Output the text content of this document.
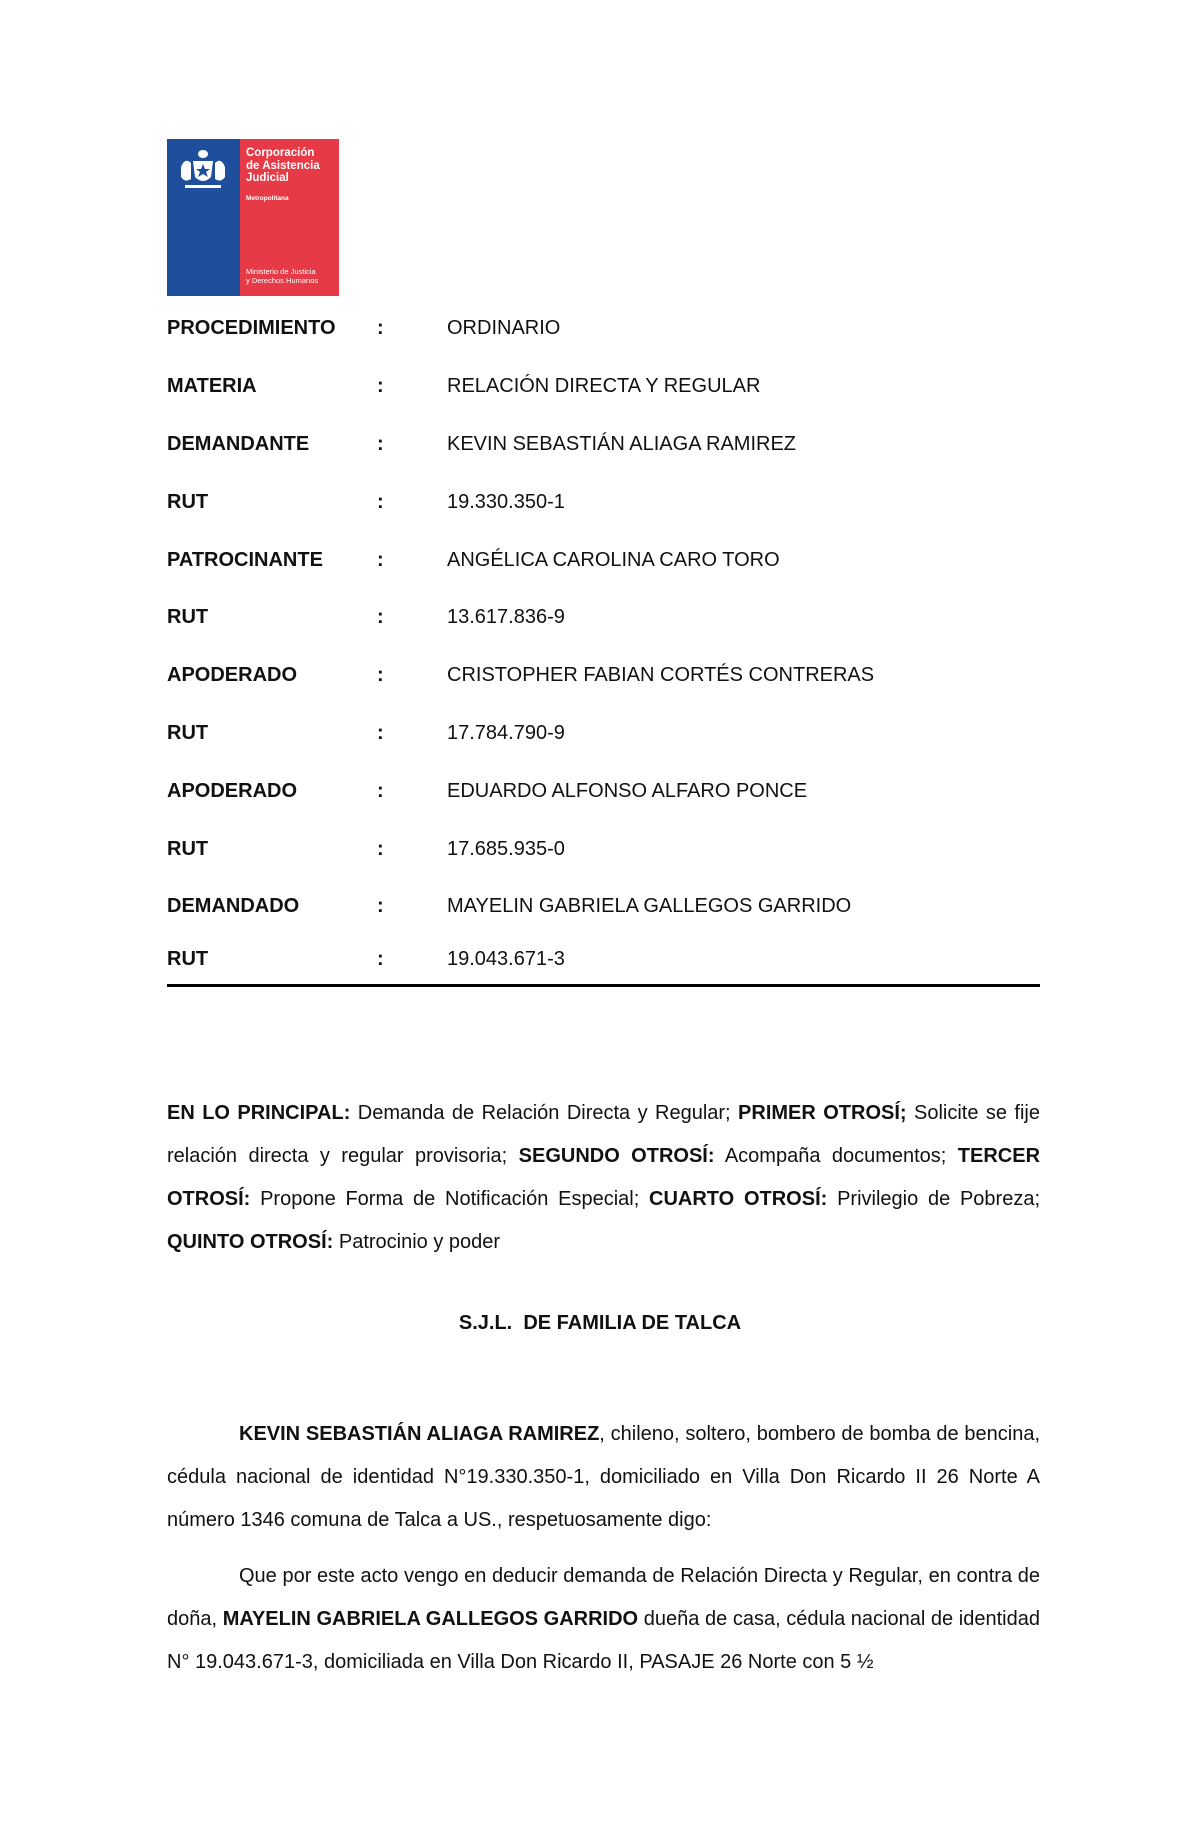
Corporación
de Asistencia
Judicial
Metropolitana
Ministerio de Justicia
y Derechos Humanos
PROCEDIMIENTO	:	ORDINARIO
MATERIA	:	RELACIÓN DIRECTA Y REGULAR
DEMANDANTE	:	KEVIN SEBASTIÁN ALIAGA RAMIREZ
RUT	:	19.330.350-1
PATROCINANTE	:	ANGÉLICA CAROLINA CARO TORO
RUT	:	13.617.836-9
APODERADO	:	CRISTOPHER FABIAN CORTÉS CONTRERAS
RUT	:	17.784.790-9
APODERADO	:	EDUARDO ALFONSO ALFARO PONCE
RUT	:	17.685.935-0
DEMANDADO	:	MAYELIN GABRIELA GALLEGOS GARRIDO
RUT	:	19.043.671-3
EN LO PRINCIPAL: Demanda de Relación Directa y Regular; PRIMER OTROSÍ; Solicite se fije relación directa y regular provisoria; SEGUNDO OTROSÍ: Acompaña documentos; TERCER OTROSÍ: Propone Forma de Notificación Especial; CUARTO OTROSÍ: Privilegio de Pobreza; QUINTO OTROSÍ: Patrocinio y poder
S.J.L.  DE FAMILIA DE TALCA

KEVIN SEBASTIÁN ALIAGA RAMIREZ, chileno, soltero, bombero de bomba de bencina, cédula nacional de identidad N°19.330.350-1, domiciliado en Villa Don Ricardo II 26 Norte A número 1346 comuna de Talca a US., respetuosamente digo:

Que por este acto vengo en deducir demanda de Relación Directa y Regular, en contra de doña, MAYELIN GABRIELA GALLEGOS GARRIDO dueña de casa, cédula nacional de identidad N° 19.043.671-3, domiciliada en Villa Don Ricardo II, PASAJE 26 Norte con 5 ½
